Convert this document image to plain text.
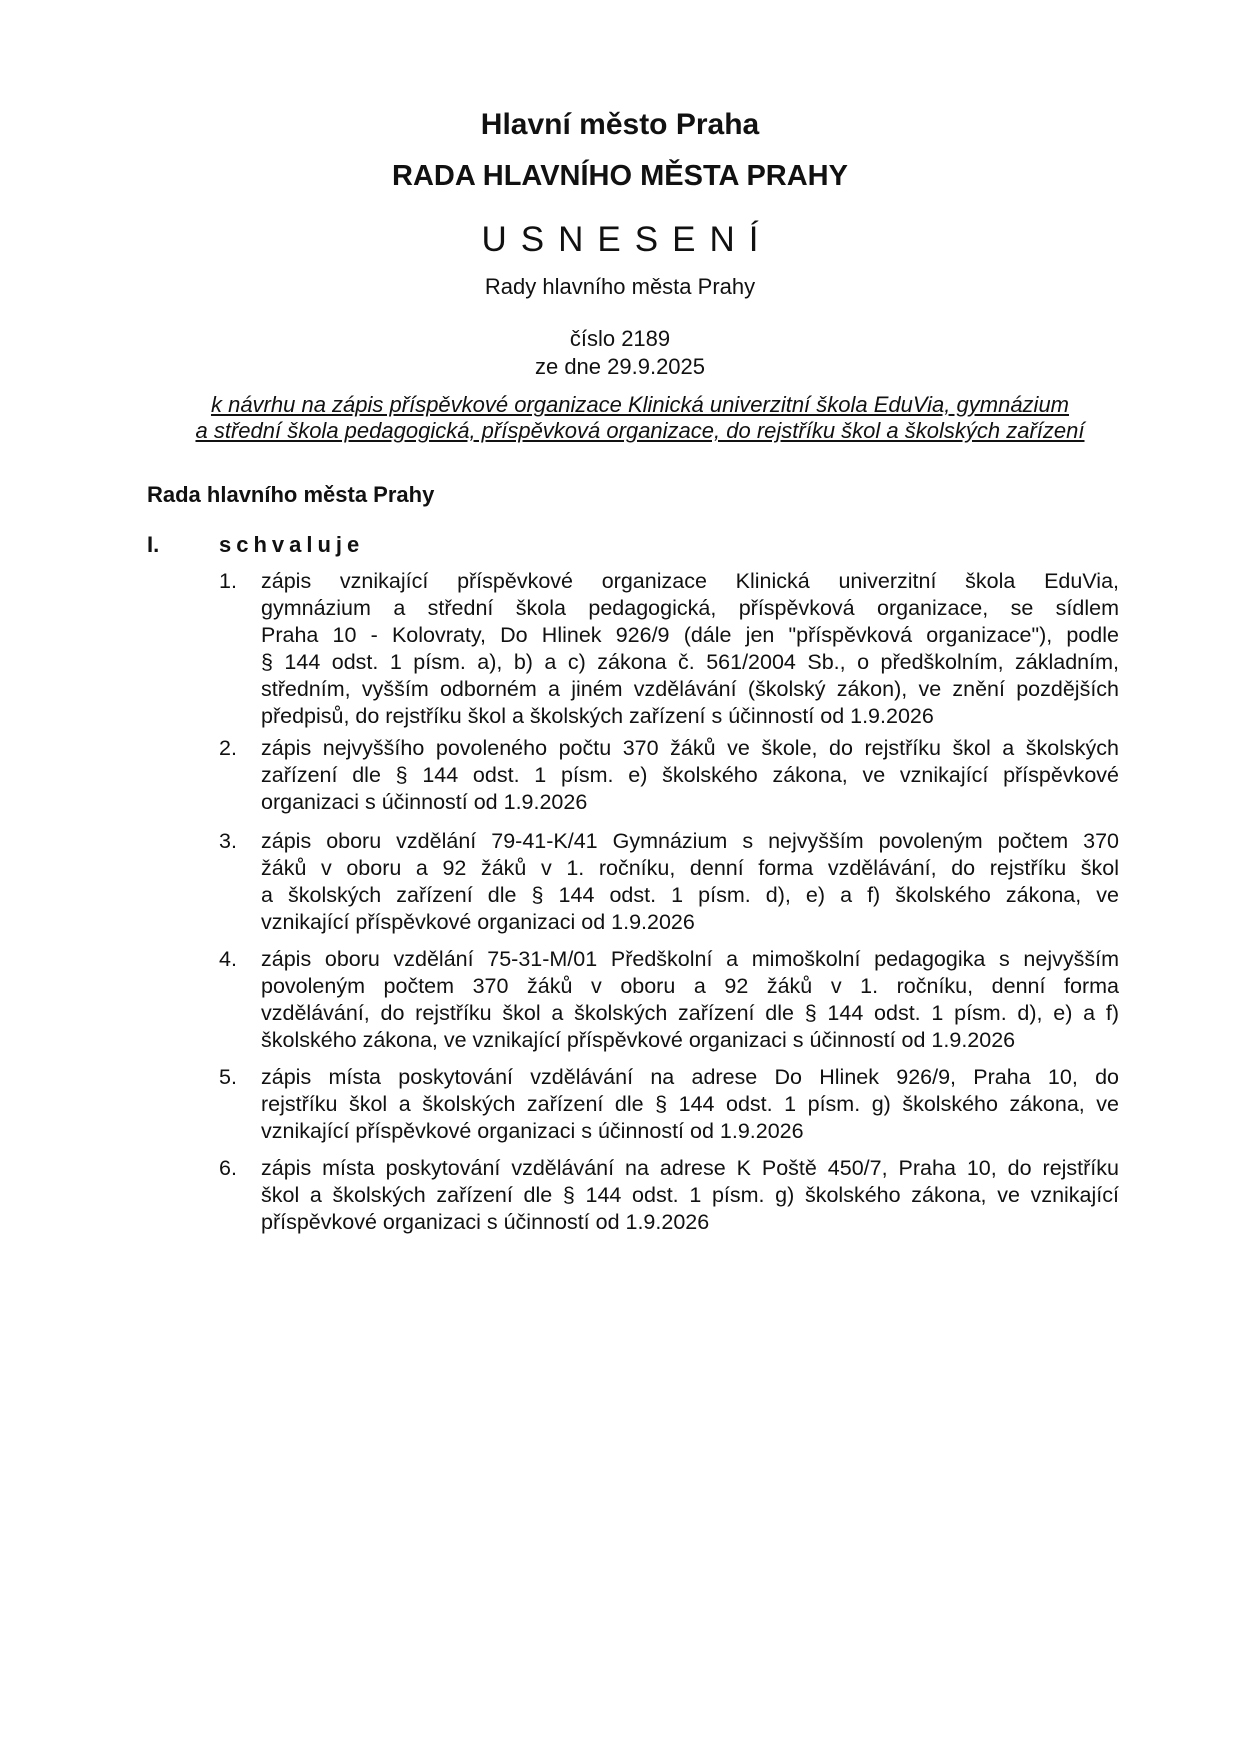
Hlavní město Praha
RADA HLAVNÍHO MĚSTA PRAHY
USNESENÍ
Rady hlavního města Prahy
číslo 2189
ze dne 29.9.2025
k návrhu na zápis příspěvkové organizace Klinická univerzitní škola EduVia, gymnázium
a střední škola pedagogická, příspěvková organizace, do rejstříku škol a školských zařízení
Rada hlavního města Prahy
I.	schvaluje
1.	zápis vznikající příspěvkové organizace Klinická univerzitní škola EduVia,
gymnázium a střední škola pedagogická, příspěvková organizace, se sídlem
Praha 10 - Kolovraty, Do Hlinek 926/9 (dále jen "příspěvková organizace"), podle
§ 144 odst. 1 písm. a), b) a c) zákona č. 561/2004 Sb., o předškolním, základním,
středním, vyšším odborném a jiném vzdělávání (školský zákon), ve znění pozdějších
předpisů, do rejstříku škol a školských zařízení s účinností od 1.9.2026
2.	zápis nejvyššího povoleného počtu 370 žáků ve škole, do rejstříku škol a školských
zařízení dle § 144 odst. 1 písm. e) školského zákona, ve vznikající příspěvkové
organizaci s účinností od 1.9.2026
3.	zápis oboru vzdělání 79-41-K/41 Gymnázium s nejvyšším povoleným počtem 370
žáků v oboru a 92 žáků v 1. ročníku, denní forma vzdělávání, do rejstříku škol
a školských zařízení dle § 144 odst. 1 písm. d), e) a f) školského zákona, ve
vznikající příspěvkové organizaci od 1.9.2026
4.	zápis oboru vzdělání 75-31-M/01 Předškolní a mimoškolní pedagogika s nejvyšším
povoleným počtem 370 žáků v oboru a 92 žáků v 1. ročníku, denní forma
vzdělávání, do rejstříku škol a školských zařízení dle § 144 odst. 1 písm. d), e) a f)
školského zákona, ve vznikající příspěvkové organizaci s účinností od 1.9.2026
5.	zápis místa poskytování vzdělávání na adrese Do Hlinek 926/9, Praha 10, do
rejstříku škol a školských zařízení dle § 144 odst. 1 písm. g) školského zákona, ve
vznikající příspěvkové organizaci s účinností od 1.9.2026
6.	zápis místa poskytování vzdělávání na adrese K Poště 450/7, Praha 10, do rejstříku
škol a školských zařízení dle § 144 odst. 1 písm. g) školského zákona, ve vznikající
příspěvkové organizaci s účinností od 1.9.2026
